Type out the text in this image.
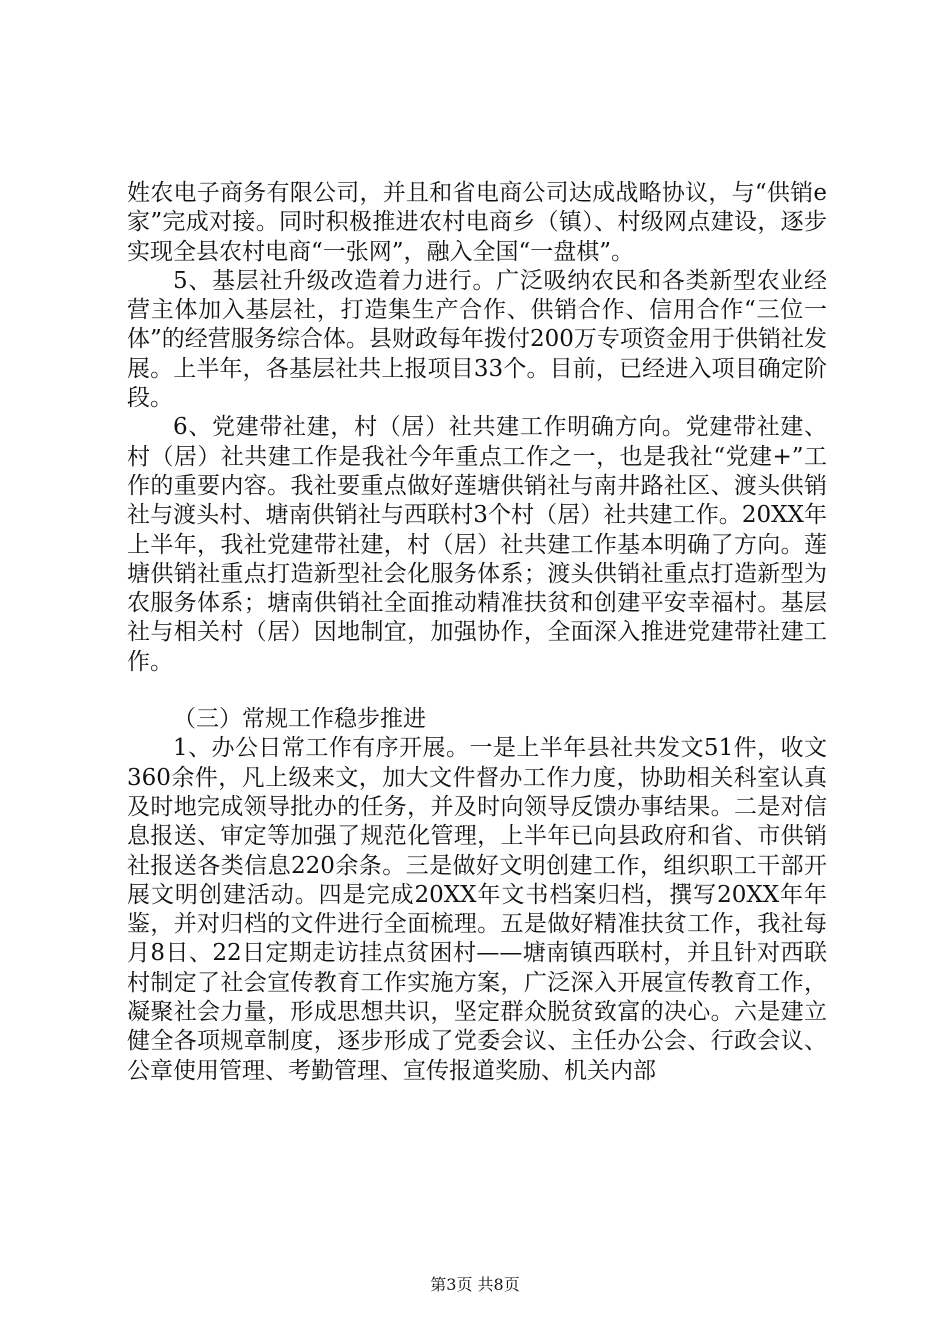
姓农电子商务有限公司，并且和省电商公司达成战略协议，与“供销e家”完成对接。同时积极推进农村电商乡（镇）、村级网点建设，逐步实现全县农村电商“一张网”，融入全国“一盘棋”。

5、基层社升级改造着力进行。广泛吸纳农民和各类新型农业经营主体加入基层社，打造集生产合作、供销合作、信用合作“三位一体”的经营服务综合体。县财政每年拨付200万专项资金用于供销社发展。上半年，各基层社共上报项目33个。目前，已经进入项目确定阶段。

6、党建带社建，村（居）社共建工作明确方向。党建带社建、村（居）社共建工作是我社今年重点工作之一，也是我社“党建+”工作的重要内容。我社要重点做好莲塘供销社与南井路社区、渡头供销社与渡头村、塘南供销社与西联村3个村（居）社共建工作。20XX年上半年，我社党建带社建，村（居）社共建工作基本明确了方向。莲塘供销社重点打造新型社会化服务体系；渡头供销社重点打造新型为农服务体系；塘南供销社全面推动精准扶贫和创建平安幸福村。基层社与相关村（居）因地制宜，加强协作，全面深入推进党建带社建工作。

（三）常规工作稳步推进

1、办公日常工作有序开展。一是上半年县社共发文51件，收文360余件，凡上级来文，加大文件督办工作力度，协助相关科室认真及时地完成领导批办的任务，并及时向领导反馈办事结果。二是对信息报送、审定等加强了规范化管理，上半年已向县政府和省、市供销社报送各类信息220余条。三是做好文明创建工作，组织职工干部开展文明创建活动。四是完成20XX年文书档案归档，撰写20XX年年鉴，并对归档的文件进行全面梳理。五是做好精准扶贫工作，我社每月8日、22日定期走访挂点贫困村——塘南镇西联村，并且针对西联村制定了社会宣传教育工作实施方案，广泛深入开展宣传教育工作，凝聚社会力量，形成思想共识，坚定群众脱贫致富的决心。六是建立健全各项规章制度，逐步形成了党委会议、主任办公会、行政会议、公章使用管理、考勤管理、宣传报道奖励、机关内部

第3页 共8页
